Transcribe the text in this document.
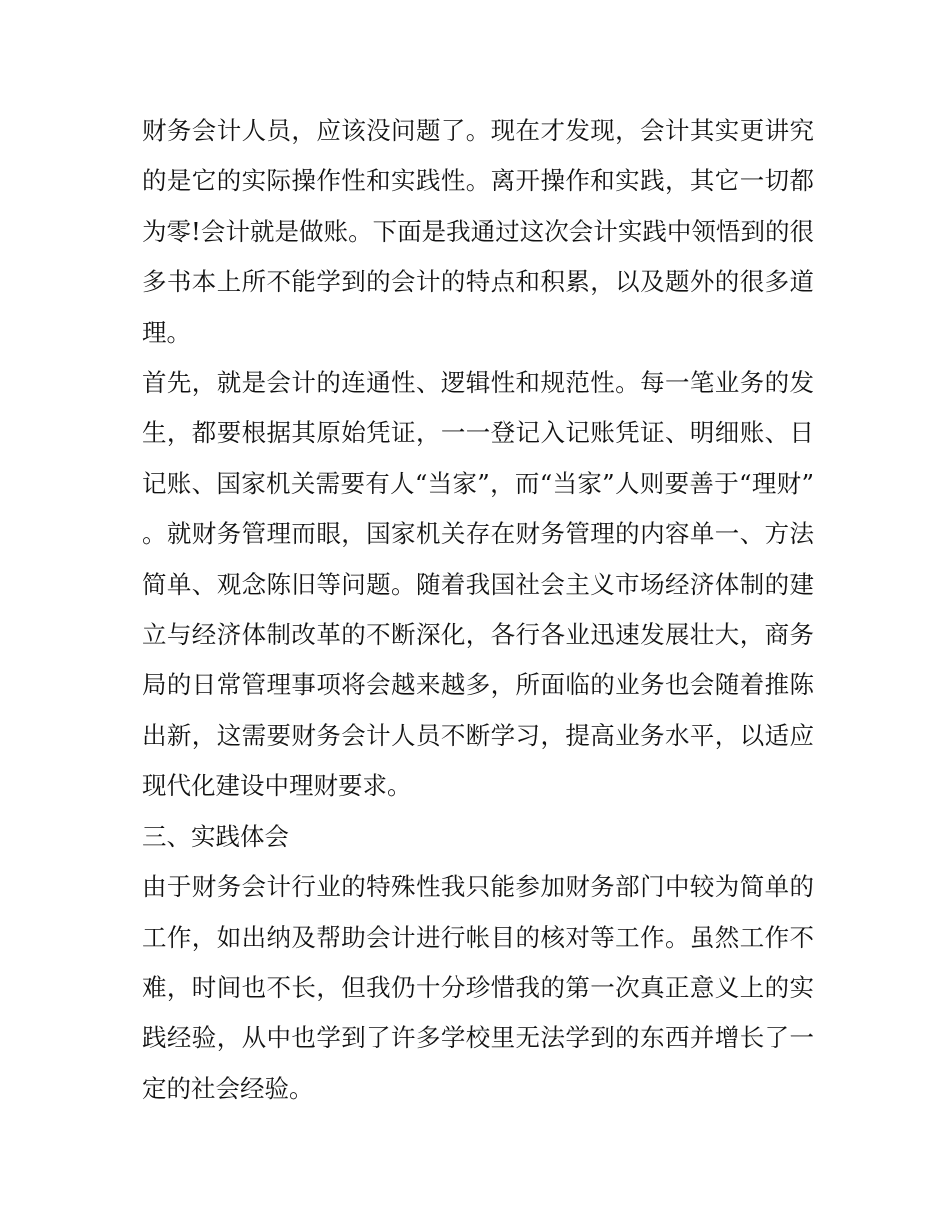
财务会计人员，应该没问题了。现在才发现，会计其实更讲究的是它的实际操作性和实践性。离开操作和实践，其它一切都为零!会计就是做账。下面是我通过这次会计实践中领悟到的很多书本上所不能学到的会计的特点和积累，以及题外的很多道理。

首先，就是会计的连通性、逻辑性和规范性。每一笔业务的发生，都要根据其原始凭证，一一登记入记账凭证、明细账、日记账、国家机关需要有人“当家”，而“当家”人则要善于“理财”。就财务管理而眼，国家机关存在财务管理的内容单一、方法简单、观念陈旧等问题。随着我国社会主义市场经济体制的建立与经济体制改革的不断深化，各行各业迅速发展壮大，商务局的日常管理事项将会越来越多，所面临的业务也会随着推陈出新，这需要财务会计人员不断学习，提高业务水平，以适应现代化建设中理财要求。

三、实践体会

由于财务会计行业的特殊性我只能参加财务部门中较为简单的工作，如出纳及帮助会计进行帐目的核对等工作。虽然工作不难，时间也不长，但我仍十分珍惜我的第一次真正意义上的实践经验，从中也学到了许多学校里无法学到的东西并增长了一定的社会经验。
